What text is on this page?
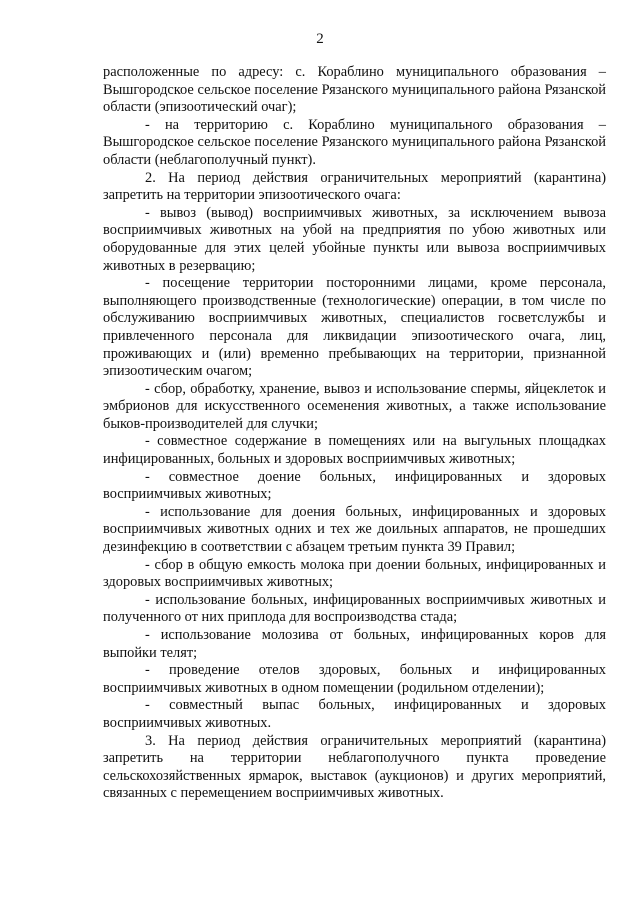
2

расположенные по адресу: с. Кораблино муниципального образования – Вышгородское сельское поселение Рязанского муниципального района Рязанской области (эпизоотический очаг);

- на территорию с. Кораблино муниципального образования – Вышгородское сельское поселение Рязанского муниципального района Рязанской области (неблагополучный пункт).

2. На период действия ограничительных мероприятий (карантина) запретить на территории эпизоотического очага:

- вывоз (вывод) восприимчивых животных, за исключением вывоза восприимчивых животных на убой на предприятия по убою животных или оборудованные для этих целей убойные пункты или вывоза восприимчивых животных в резервацию;

- посещение территории посторонними лицами, кроме персонала, выполняющего производственные (технологические) операции, в том числе по обслуживанию восприимчивых животных, специалистов госветслужбы и привлеченного персонала для ликвидации эпизоотического очага, лиц, проживающих и (или) временно пребывающих на территории, признанной эпизоотическим очагом;

- сбор, обработку, хранение, вывоз и использование спермы, яйцеклеток и эмбрионов для искусственного осеменения животных, а также использование быков-производителей для случки;

- совместное содержание в помещениях или на выгульных площадках инфицированных, больных и здоровых восприимчивых животных;

- совместное доение больных, инфицированных и здоровых восприимчивых животных;

- использование для доения больных, инфицированных и здоровых восприимчивых животных одних и тех же доильных аппаратов, не прошедших дезинфекцию в соответствии с абзацем третьим пункта 39 Правил;

- сбор в общую емкость молока при доении больных, инфицированных и здоровых восприимчивых животных;

- использование больных, инфицированных восприимчивых животных и полученного от них приплода для воспроизводства стада;

- использование молозива от больных, инфицированных коров для выпойки телят;

- проведение отелов здоровых, больных и инфицированных восприимчивых животных в одном помещении (родильном отделении);

- совместный выпас больных, инфицированных и здоровых восприимчивых животных.

3. На период действия ограничительных мероприятий (карантина) запретить на территории неблагополучного пункта проведение сельскохозяйственных ярмарок, выставок (аукционов) и других мероприятий, связанных с перемещением восприимчивых животных.
